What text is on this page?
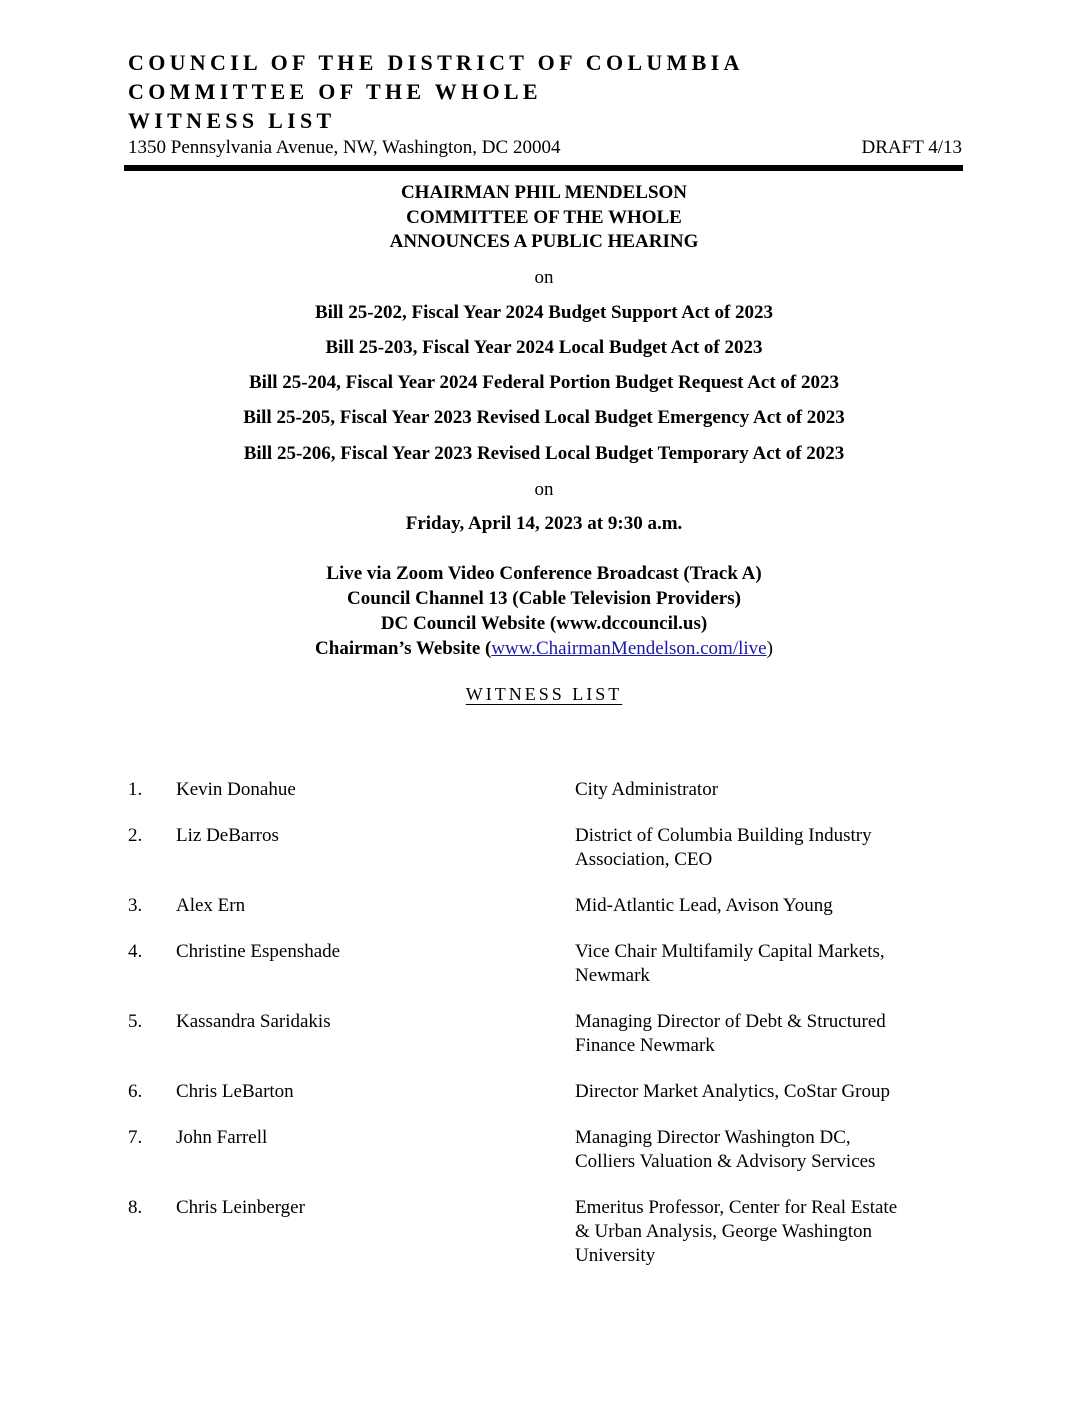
COUNCIL OF THE DISTRICT OF COLUMBIA
COMMITTEE OF THE WHOLE
WITNESS LIST
1350 Pennsylvania Avenue, NW, Washington, DC 20004	DRAFT 4/13
CHAIRMAN PHIL MENDELSON
COMMITTEE OF THE WHOLE
ANNOUNCES A PUBLIC HEARING
on
Bill 25-202, Fiscal Year 2024 Budget Support Act of 2023
Bill 25-203, Fiscal Year 2024 Local Budget Act of 2023
Bill 25-204, Fiscal Year 2024 Federal Portion Budget Request Act of 2023
Bill 25-205, Fiscal Year 2023 Revised Local Budget Emergency Act of 2023
Bill 25-206, Fiscal Year 2023 Revised Local Budget Temporary Act of 2023
on
Friday, April 14, 2023 at 9:30 a.m.
Live via Zoom Video Conference Broadcast (Track A)
Council Channel 13 (Cable Television Providers)
DC Council Website (www.dccouncil.us)
Chairman’s Website (www.ChairmanMendelson.com/live)
WITNESS LIST
1.	Kevin Donahue	City Administrator
2.	Liz DeBarros	District of Columbia Building Industry
Association, CEO
3.	Alex Ern	Mid-Atlantic Lead, Avison Young
4.	Christine Espenshade	Vice Chair Multifamily Capital Markets,
Newmark
5.	Kassandra Saridakis	Managing Director of Debt & Structured
Finance Newmark
6.	Chris LeBarton	Director Market Analytics, CoStar Group
7.	John Farrell	Managing Director Washington DC,
Colliers Valuation & Advisory Services
8.	Chris Leinberger	Emeritus Professor, Center for Real Estate
& Urban Analysis, George Washington
University
